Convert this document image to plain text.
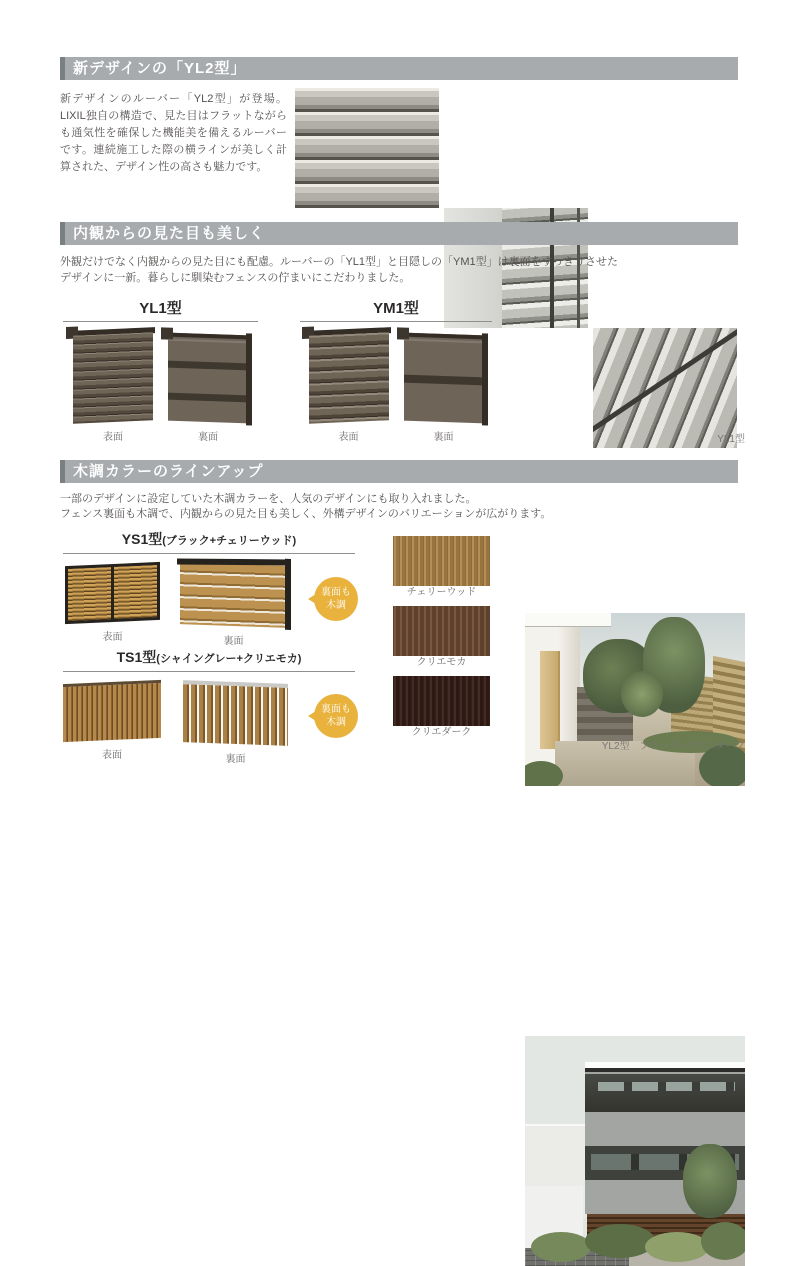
新デザインの「YL2型」
新デザインのルーバー「YL2型」が登場。LIXIL独自の構造で、見た目はフラットながらも通気性を確保した機能美を備えるルーバーです。連続施工した際の横ラインが美しく計算された、デザイン性の高さも魅力です。
内観からの見た目も美しく
外観だけでなく内観からの見た目にも配慮。ルーバーの「YL1型」と目隠しの「YM1型」は裏面をすっきりさせた
デザインに一新。暮らしに馴染むフェンスの佇まいにこだわりました。
YL1型
表面	裏面
YM1型
表面	裏面	YL1型
木調カラーのラインアップ
一部のデザインに設定していた木調カラーを、人気のデザインにも取り入れました。
フェンス裏面も木調で、内観からの見た目も美しく、外構デザインのバリエーションが広がります。
YS1型(ブラック+チェリーウッド)
表面	裏面
裏面も
木調
TS1型(シャイングレー+クリエモカ)
表面	裏面
裏面も
木調
チェリーウッド
クリエモカ
クリエダーク
YL2型　ブラック+クリエダーク
